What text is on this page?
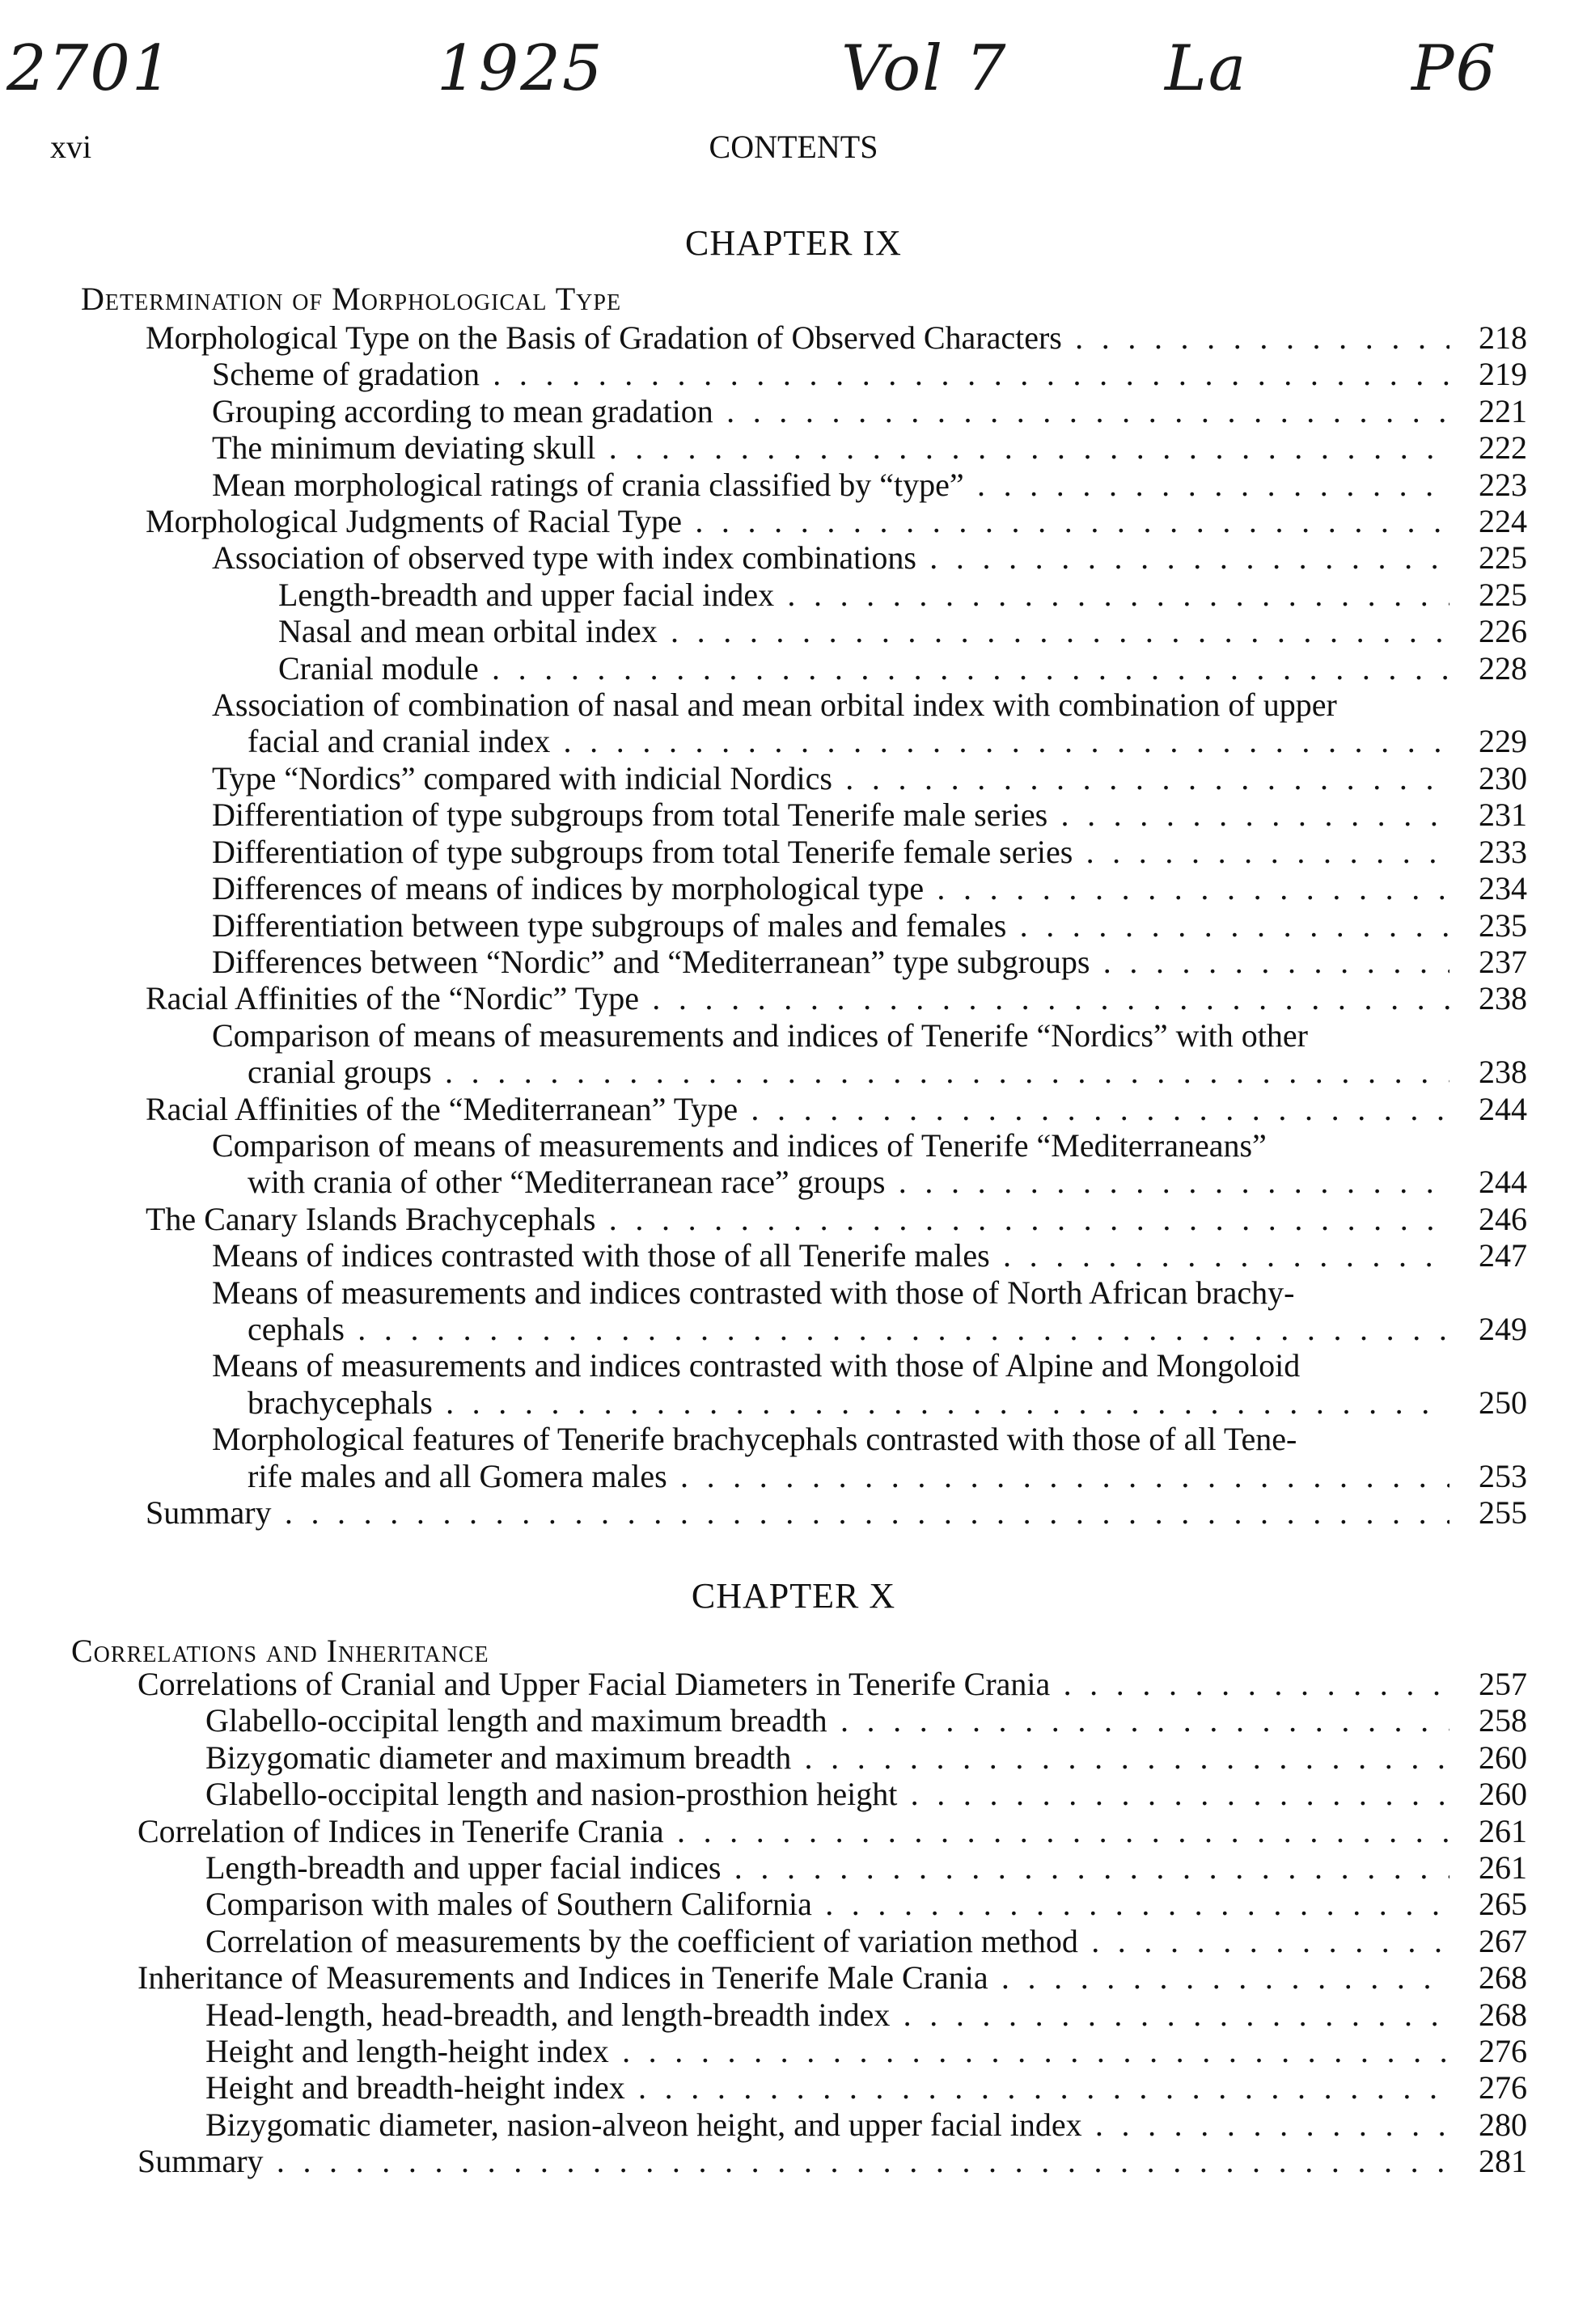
2701	1925	Vol 7 La	P6
xvi	CONTENTS
CHAPTER IX
Determination of Morphological Type
Morphological Type on the Basis of Gradation of Observed Characters . . .	218
Scheme of gradation . . .	219
Grouping according to mean gradation . . .	221
The minimum deviating skull . . .	222
Mean morphological ratings of crania classified by “type” . . .	223
Morphological Judgments of Racial Type . . .	224
Association of observed type with index combinations . . .	225
Length-breadth and upper facial index . . .	225
Nasal and mean orbital index . . .	226
Cranial module . . .	228
Association of combination of nasal and mean orbital index with combination of upper
facial and cranial index . . .	229
Type “Nordics” compared with indicial Nordics . . .	230
Differentiation of type subgroups from total Tenerife male series . . .	231
Differentiation of type subgroups from total Tenerife female series . . .	233
Differences of means of indices by morphological type . . .	234
Differentiation between type subgroups of males and females . . .	235
Differences between “Nordic” and “Mediterranean” type subgroups . . .	237
Racial Affinities of the “Nordic” Type . . .	238
Comparison of means of measurements and indices of Tenerife “Nordics” with other
cranial groups . . .	238
Racial Affinities of the “Mediterranean” Type . . .	244
Comparison of means of measurements and indices of Tenerife “Mediterraneans”
with crania of other “Mediterranean race” groups . . .	244
The Canary Islands Brachycephals . . .	246
Means of indices contrasted with those of all Tenerife males . . .	247
Means of measurements and indices contrasted with those of North African brachy-
cephals . . .	249
Means of measurements and indices contrasted with those of Alpine and Mongoloid
brachycephals . . .	250
Morphological features of Tenerife brachycephals contrasted with those of all Tene-
rife males and all Gomera males . . .	253
Summary . . .	255
CHAPTER X
Correlations and Inheritance
Correlations of Cranial and Upper Facial Diameters in Tenerife Crania . . .	257
Glabello-occipital length and maximum breadth . . .	258
Bizygomatic diameter and maximum breadth . . .	260
Glabello-occipital length and nasion-prosthion height . . .	260
Correlation of Indices in Tenerife Crania . . .	261
Length-breadth and upper facial indices . . .	261
Comparison with males of Southern California . . .	265
Correlation of measurements by the coefficient of variation method . . .	267
Inheritance of Measurements and Indices in Tenerife Male Crania . . .	268
Head-length, head-breadth, and length-breadth index . . .	268
Height and length-height index . . .	276
Height and breadth-height index . . .	276
Bizygomatic diameter, nasion-alveon height, and upper facial index . . .	280
Summary . . .	281
